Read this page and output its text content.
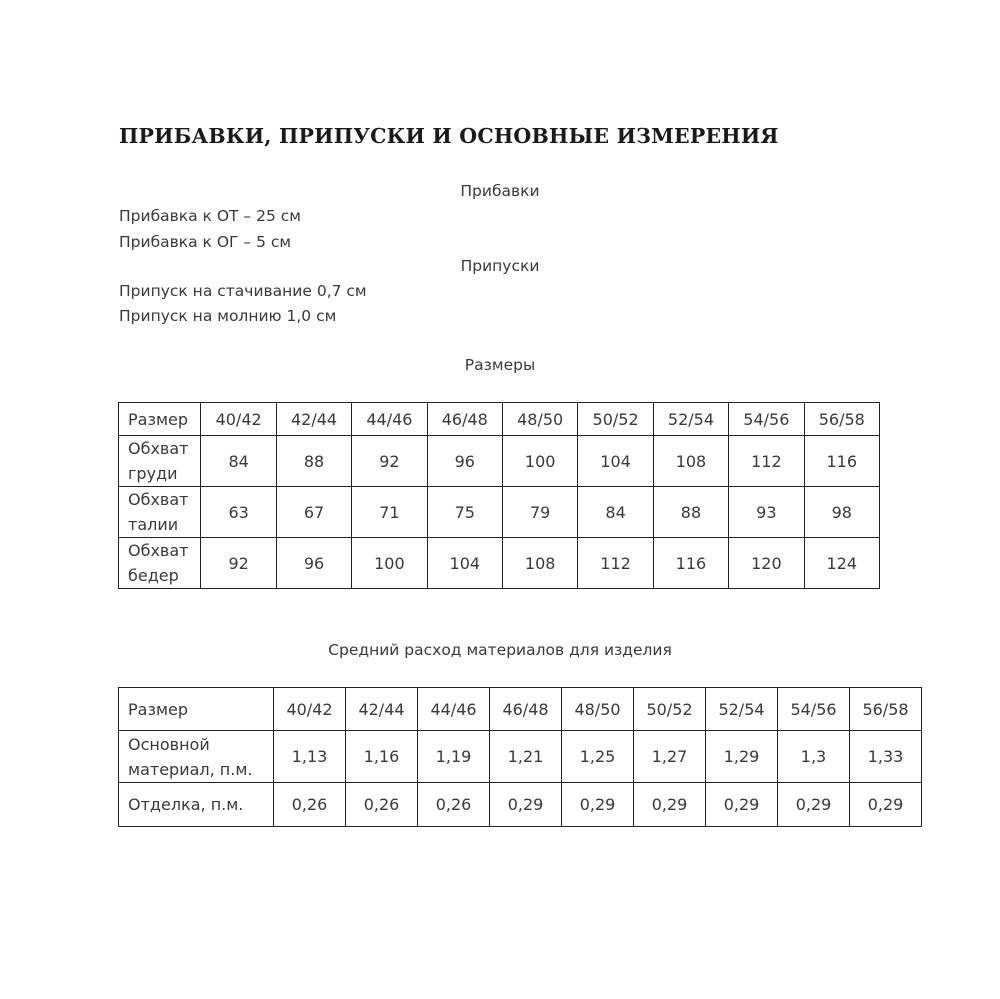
ПРИБАВКИ, ПРИПУСКИ И ОСНОВНЫЕ ИЗМЕРЕНИЯ
Прибавки
Прибавка к ОТ – 25 см
Прибавка к ОГ – 5 см
Припуски
Припуск на стачивание 0,7 см
Припуск на молнию 1,0 см
Размеры
Размер	40/42	42/44	44/46	46/48	48/50	50/52	52/54	54/56	56/58
Обхват
груди	84	88	92	96	100	104	108	112	116
Обхват
талии	63	67	71	75	79	84	88	93	98
Обхват
бедер	92	96	100	104	108	112	116	120	124
Средний расход материалов для изделия
Размер	40/42	42/44	44/46	46/48	48/50	50/52	52/54	54/56	56/58
Основной
материал, п.м.	1,13	1,16	1,19	1,21	1,25	1,27	1,29	1,3	1,33
Отделка, п.м.	0,26	0,26	0,26	0,29	0,29	0,29	0,29	0,29	0,29
